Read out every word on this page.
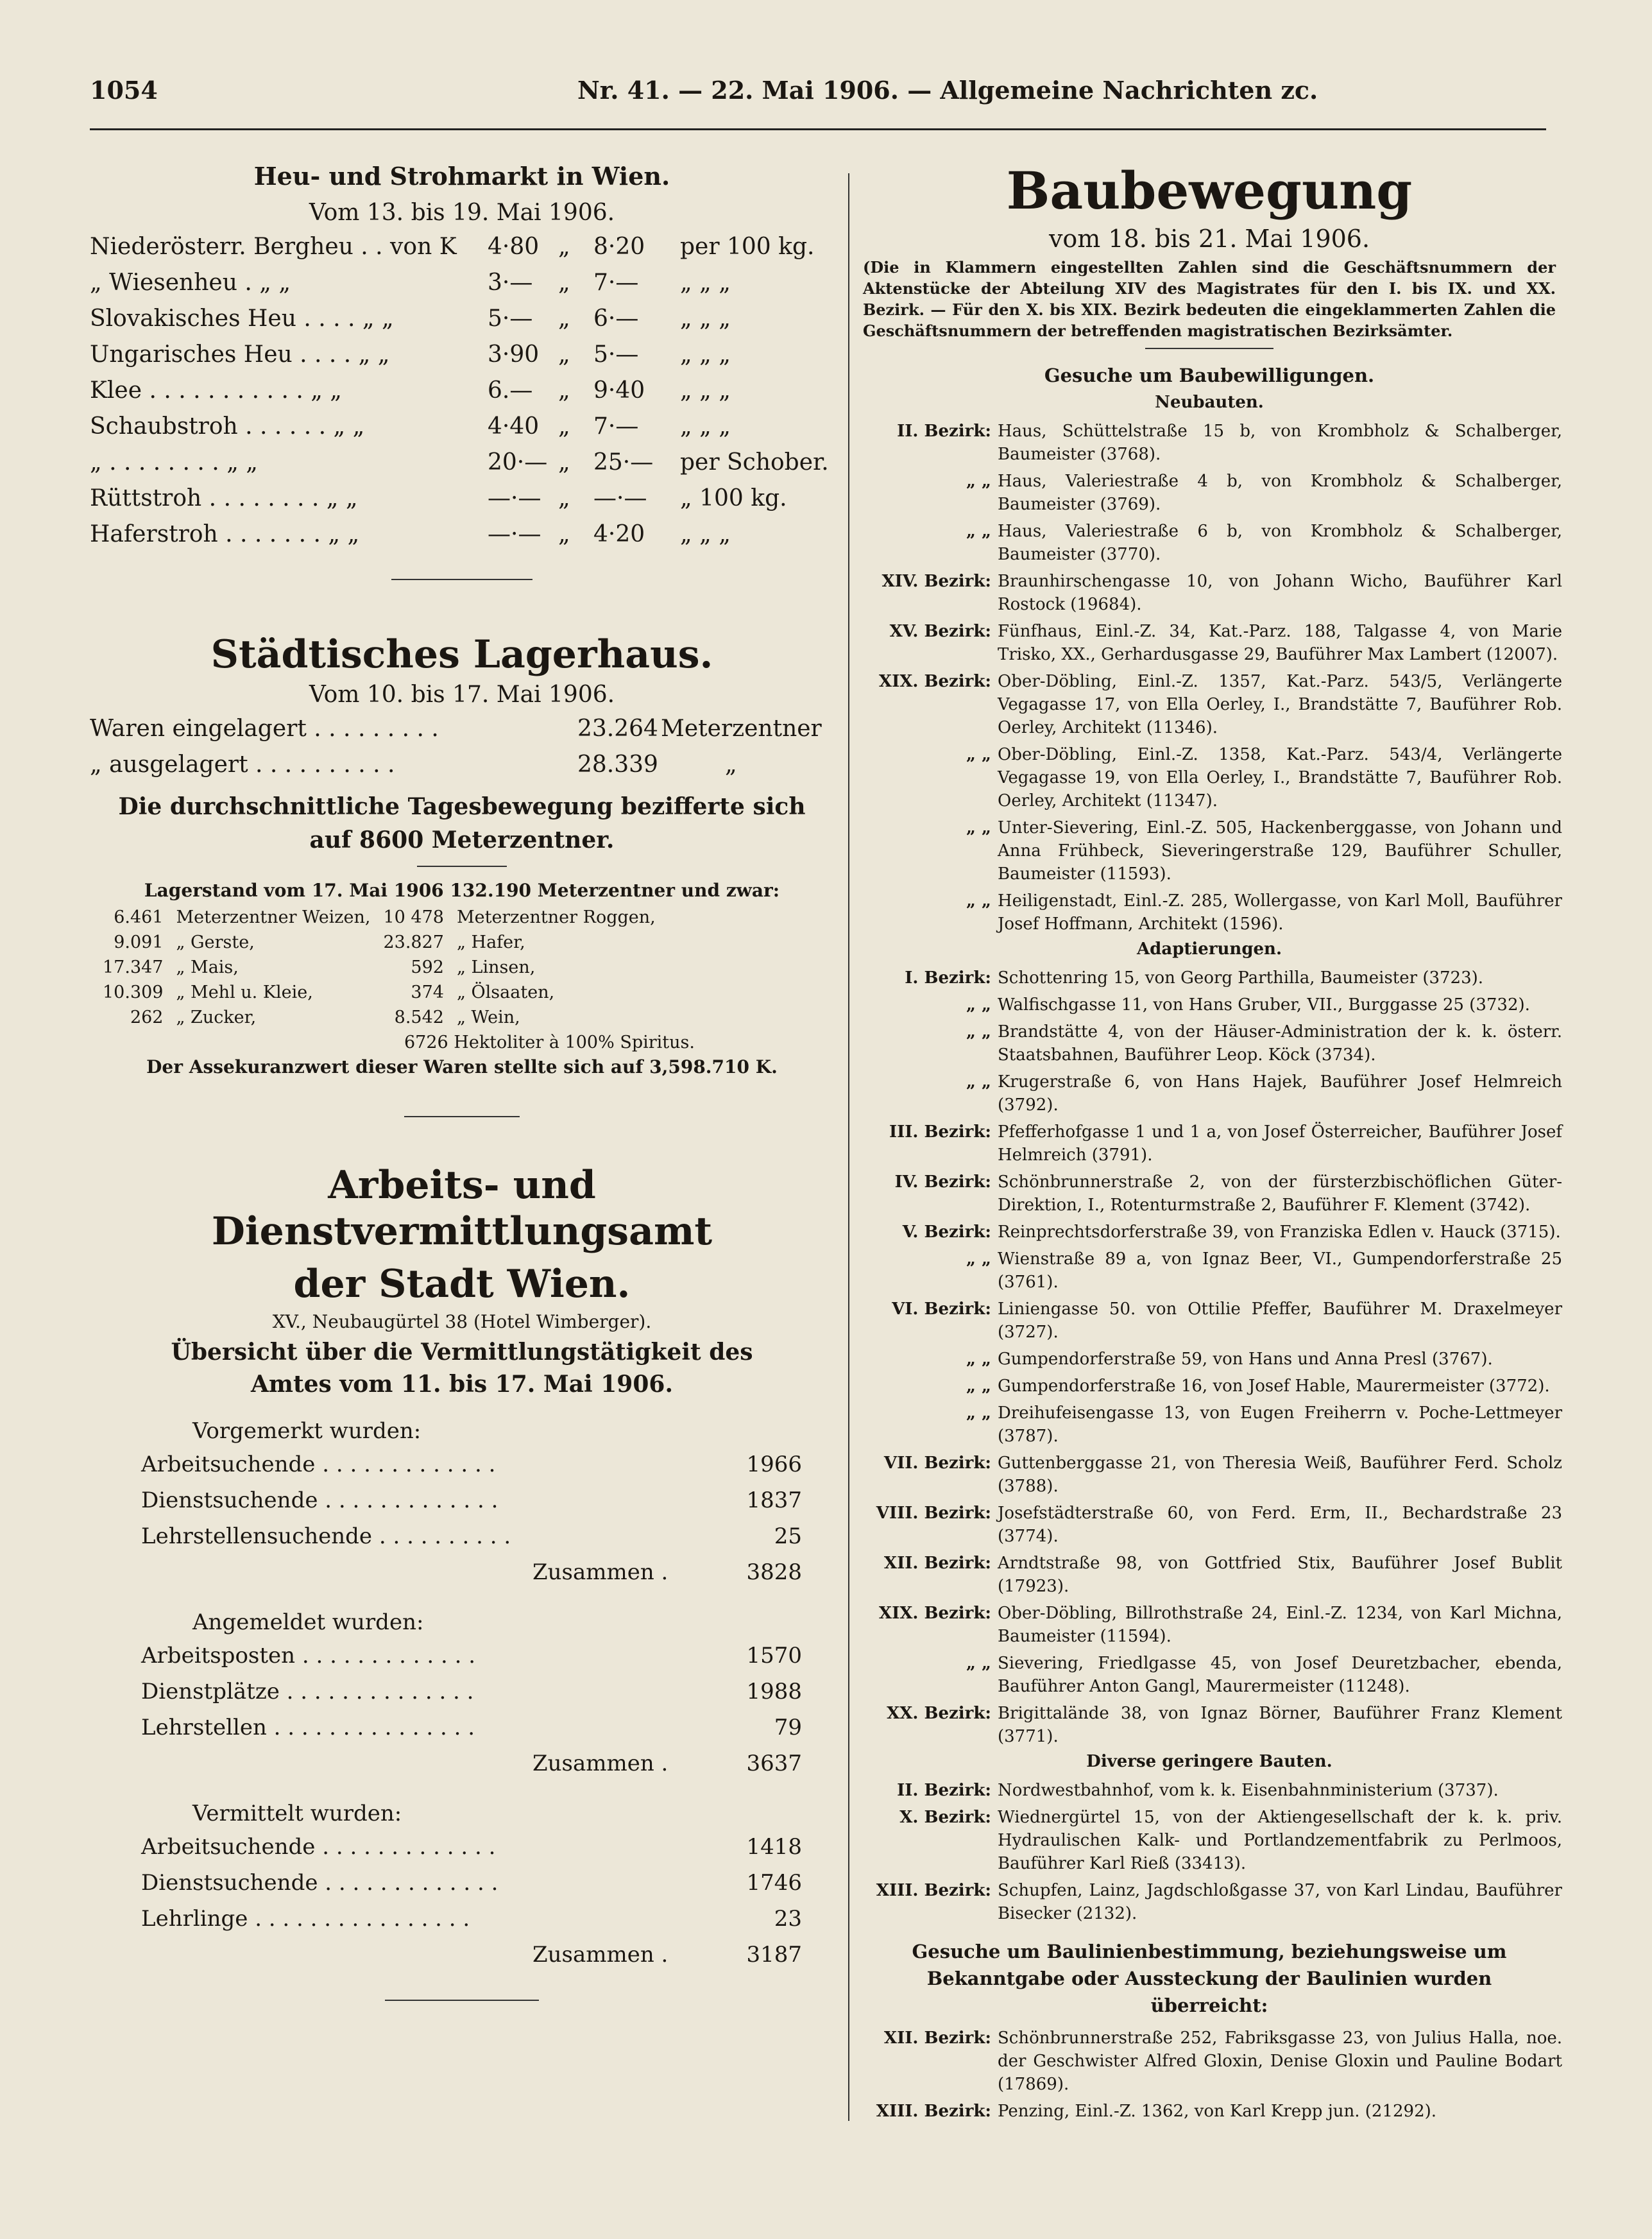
1054	Nr. 41. — 22. Mai 1906. — Allgemeine Nachrichten zc.
Heu- und Strohmarkt in Wien.
Vom 13. bis 19. Mai 1906.
Niederösterr. Bergheu . . von K 4·80 „ 8·20 per 100 kg.
„ Wiesenheu . „ „	3·— „ 7·— „ „ „
Slovakisches Heu . . . . „ „	5·— „ 6·— „ „ „
Ungarisches Heu . . . . „ „	3·90 „ 5·— „ „ „
Klee . . . . . . . . . . . „ „	6.— „ 9·40 „ „ „
Schaubstroh . . . . . . „ „	4·40 „ 7·— „ „ „
„ . . . . . . . . „ „	20·— „ 25·— per Schober.
Rüttstroh . . . . . . . . „ „	—·— „ —·— „ 100 kg.
Haferstroh . . . . . . . „ „	—·— „ 4·20 „ „ „
Städtisches Lagerhaus.
Vom 10. bis 17. Mai 1906.
Waren eingelagert . . . . . . . . .	23.264 Meterzentner
„ ausgelagert . . . . . . . . . .	28.339	„
Die durchschnittliche Tagesbewegung bezifferte sich auf 8600 Meterzentner.
Lagerstand vom 17. Mai 1906 132.190 Meterzentner und zwar:
6.461	Meterzentner Weizen,	10 478	Meterzentner Roggen,
9.091	„ Gerste,	23.827	„ Hafer,
17.347	„ Mais,	592	„ Linsen,
10.309	„ Mehl u. Kleie,	374	„ Ölsaaten,
262	„ Zucker,	8.542	„ Wein,
6726 Hektoliter à 100% Spiritus.
Der Assekuranzwert dieser Waren stellte sich auf 3,598.710 K.
Arbeits- und Dienstvermittlungsamt
der Stadt Wien.
XV., Neubaugürtel 38 (Hotel Wimberger).
Übersicht über die Vermittlungstätigkeit des Amtes vom 11. bis 17. Mai 1906.
Vorgemerkt wurden:
Arbeitsuchende . . . . . . . . . . . . .	1966
Dienstsuchende . . . . . . . . . . . . .	1837
Lehrstellensuchende . . . . . . . . . .	25
Zusammen .	3828
Angemeldet wurden:
Arbeitsposten . . . . . . . . . . . . .	1570
Dienstplätze . . . . . . . . . . . . . .	1988
Lehrstellen . . . . . . . . . . . . . . .	79
Zusammen .	3637
Vermittelt wurden:
Arbeitsuchende . . . . . . . . . . . . .	1418
Dienstsuchende . . . . . . . . . . . . .	1746
Lehrlinge . . . . . . . . . . . . . . . .	23
Zusammen .	3187
Baubewegung
vom 18. bis 21. Mai 1906.
(Die in Klammern eingestellten Zahlen sind die Geschäftsnummern der Aktenstücke der Abteilung XIV des Magistrates für den I. bis IX. und XX. Bezirk. — Für den X. bis XIX. Bezirk bedeuten die eingeklammerten Zahlen die Geschäftsnummern der betreffenden magistratischen Bezirksämter.
Gesuche um Baubewilligungen.
Neubauten.
II. Bezirk: Haus, Schüttelstraße 15 b, von Krombholz & Schalberger, Baumeister (3768).
„ „ Haus, Valeriestraße 4 b, von Krombholz & Schalberger, Baumeister (3769).
„ „ Haus, Valeriestraße 6 b, von Krombholz & Schalberger, Baumeister (3770).
XIV. Bezirk: Braunhirschengasse 10, von Johann Wicho, Bauführer Karl Rostock (19684).
XV. Bezirk: Fünfhaus, Einl.-Z. 34, Kat.-Parz. 188, Talgasse 4, von Marie Trisko, XX., Gerhardusgasse 29, Bauführer Max Lambert (12007).
XIX. Bezirk: Ober-Döbling, Einl.-Z. 1357, Kat.-Parz. 543/5, Verlängerte Vegagasse 17, von Ella Oerley, I., Brandstätte 7, Bauführer Rob. Oerley, Architekt (11346).
„ „ Ober-Döbling, Einl.-Z. 1358, Kat.-Parz. 543/4, Verlängerte Vegagasse 19, von Ella Oerley, I., Brandstätte 7, Bauführer Rob. Oerley, Architekt (11347).
„ „ Unter-Sievering, Einl.-Z. 505, Hackenberggasse, von Johann und Anna Frühbeck, Sieveringerstraße 129, Bauführer Schuller, Baumeister (11593).
„ „ Heiligenstadt, Einl.-Z. 285, Wollergasse, von Karl Moll, Bauführer Josef Hoffmann, Architekt (1596).
Adaptierungen.
I. Bezirk: Schottenring 15, von Georg Parthilla, Baumeister (3723).
„ „ Walfischgasse 11, von Hans Gruber, VII., Burggasse 25 (3732).
„ „ Brandstätte 4, von der Häuser-Administration der k. k. österr. Staatsbahnen, Bauführer Leop. Köck (3734).
„ „ Krugerstraße 6, von Hans Hajek, Bauführer Josef Helmreich (3792).
III. Bezirk: Pfefferhofgasse 1 und 1 a, von Josef Österreicher, Bauführer Josef Helmreich (3791).
IV. Bezirk: Schönbrunnerstraße 2, von der fürsterzbischöflichen Güter-Direktion, I., Rotenturmstraße 2, Bauführer F. Klement (3742).
V. Bezirk: Reinprechtsdorferstraße 39, von Franziska Edlen v. Hauck (3715).
„ „ Wienstraße 89 a, von Ignaz Beer, VI., Gumpendorferstraße 25 (3761).
VI. Bezirk: Liniengasse 50. von Ottilie Pfeffer, Bauführer M. Draxelmeyer (3727).
„ „ Gumpendorferstraße 59, von Hans und Anna Presl (3767).
„ „ Gumpendorferstraße 16, von Josef Hable, Maurermeister (3772).
„ „ Dreihufeisengasse 13, von Eugen Freiherrn v. Poche-Lettmeyer (3787).
VII. Bezirk: Guttenberggasse 21, von Theresia Weiß, Bauführer Ferd. Scholz (3788).
VIII. Bezirk: Josefstädterstraße 60, von Ferd. Erm, II., Bechardstraße 23 (3774).
XII. Bezirk: Arndtstraße 98, von Gottfried Stix, Bauführer Josef Bublit (17923).
XIX. Bezirk: Ober-Döbling, Billrothstraße 24, Einl.-Z. 1234, von Karl Michna, Baumeister (11594).
„ „ Sievering, Friedlgasse 45, von Josef Deuretzbacher, ebenda, Bauführer Anton Gangl, Maurermeister (11248).
XX. Bezirk: Brigittalände 38, von Ignaz Börner, Bauführer Franz Klement (3771).
Diverse geringere Bauten.
II. Bezirk: Nordwestbahnhof, vom k. k. Eisenbahnministerium (3737).
X. Bezirk: Wiednergürtel 15, von der Aktiengesellschaft der k. k. priv. Hydraulischen Kalk- und Portlandzementfabrik zu Perlmoos, Bauführer Karl Rieß (33413).
XIII. Bezirk: Schupfen, Lainz, Jagdschloßgasse 37, von Karl Lindau, Bauführer Bisecker (2132).
Gesuche um Baulinienbestimmung, beziehungsweise um Bekanntgabe oder Aussteckung der Baulinien wurden überreicht:
XII. Bezirk: Schönbrunnerstraße 252, Fabriksgasse 23, von Julius Halla, noe. der Geschwister Alfred Gloxin, Denise Gloxin und Pauline Bodart (17869).
XIII. Bezirk: Penzing, Einl.-Z. 1362, von Karl Krepp jun. (21292).
